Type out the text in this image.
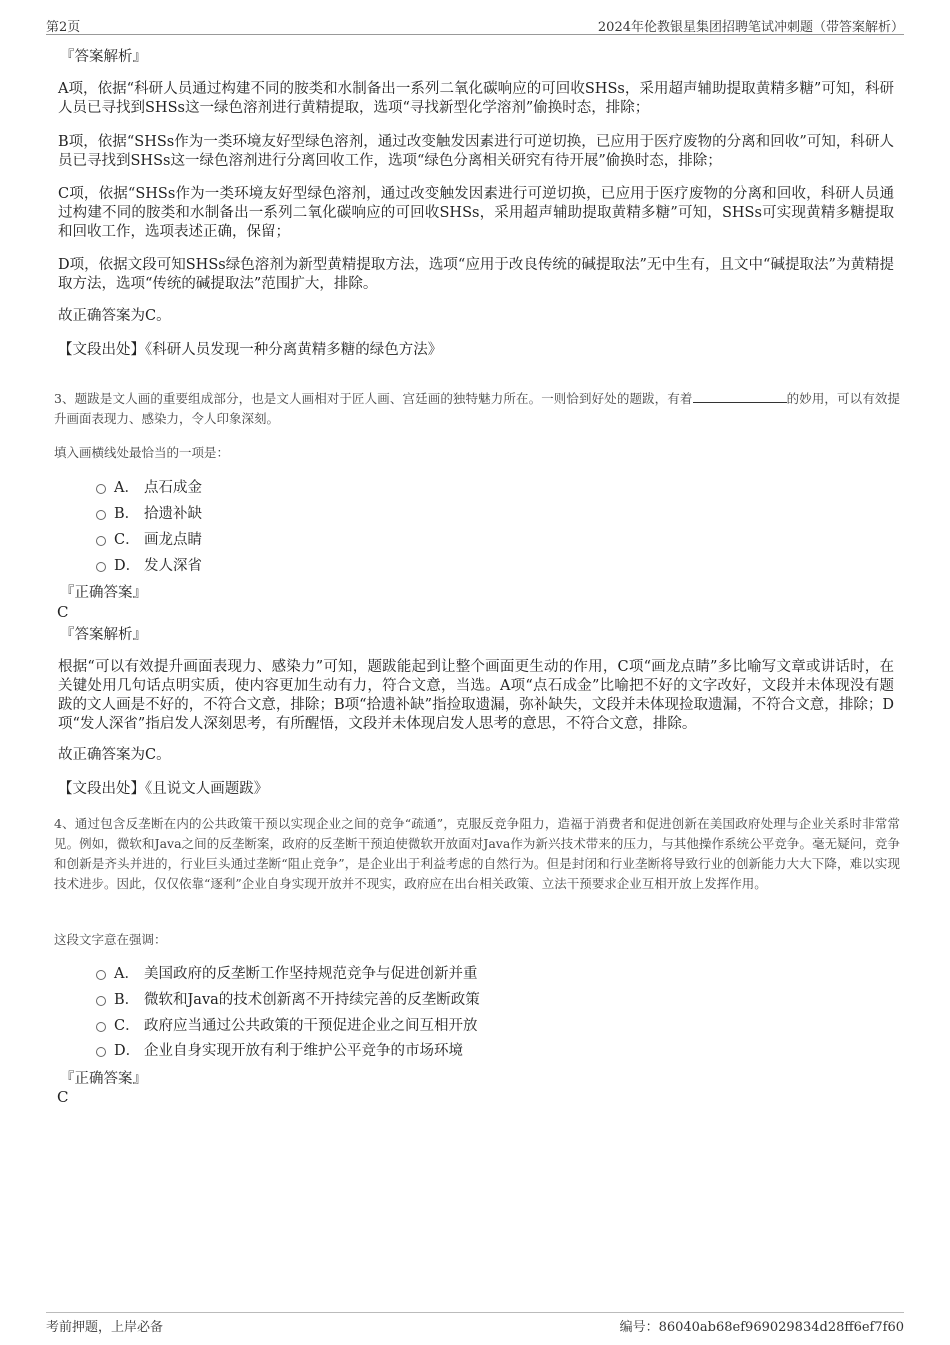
第2页	2024年伦教银星集团招聘笔试冲刺题（带答案解析）
『答案解析』
A项，依据“科研人员通过构建不同的胺类和水制备出一系列二氧化碳响应的可回收SHSs，采用超声辅助提取黄精多糖”可知，科研人员已寻找到SHSs这一绿色溶剂进行黄精提取，选项“寻找新型化学溶剂”偷换时态，排除；
B项，依据“SHSs作为一类环境友好型绿色溶剂，通过改变触发因素进行可逆切换，已应用于医疗废物的分离和回收”可知，科研人员已寻找到SHSs这一绿色溶剂进行分离回收工作，选项“绿色分离相关研究有待开展”偷换时态，排除；
C项，依据“SHSs作为一类环境友好型绿色溶剂，通过改变触发因素进行可逆切换，已应用于医疗废物的分离和回收，科研人员通过构建不同的胺类和水制备出一系列二氧化碳响应的可回收SHSs，采用超声辅助提取黄精多糖”可知，SHSs可实现黄精多糖提取和回收工作，选项表述正确，保留；
D项，依据文段可知SHSs绿色溶剂为新型黄精提取方法，选项“应用于改良传统的碱提取法”无中生有，且文中“碱提取法”为黄精提取方法，选项“传统的碱提取法”范围扩大，排除。
故正确答案为C。
【文段出处】《科研人员发现一种分离黄精多糖的绿色方法》
3、题跋是文人画的重要组成部分，也是文人画相对于匠人画、宫廷画的独特魅力所在。一则恰到好处的题跋，有着	的妙用，可以有效提升画面表现力、感染力，令人印象深刻。
填入画横线处最恰当的一项是：
A． 点石成金
B． 拾遗补缺
C． 画龙点睛
D． 发人深省
『正确答案』
C
『答案解析』
根据“可以有效提升画面表现力、感染力”可知，题跋能起到让整个画面更生动的作用，C项“画龙点睛”多比喻写文章或讲话时，在关键处用几句话点明实质，使内容更加生动有力，符合文意，当选。A项“点石成金”比喻把不好的文字改好，文段并未体现没有题跋的文人画是不好的，不符合文意，排除；B项“拾遗补缺”指捡取遗漏，弥补缺失，文段并未体现捡取遗漏，不符合文意，排除；D项“发人深省”指启发人深刻思考，有所醒悟，文段并未体现启发人思考的意思，不符合文意，排除。
故正确答案为C。
【文段出处】《且说文人画题跋》
4、通过包含反垄断在内的公共政策干预以实现企业之间的竞争“疏通”，克服反竞争阻力，造福于消费者和促进创新在美国政府处理与企业关系时非常常见。例如，微软和Java之间的反垄断案，政府的反垄断干预迫使微软开放面对Java作为新兴技术带来的压力，与其他操作系统公平竞争。毫无疑问，竞争和创新是齐头并进的，行业巨头通过垄断“阻止竞争”，是企业出于利益考虑的自然行为。但是封闭和行业垄断将导致行业的创新能力大大下降，难以实现技术进步。因此，仅仅依靠“逐利”企业自身实现开放并不现实，政府应在出台相关政策、立法干预要求企业互相开放上发挥作用。
这段文字意在强调：
A． 美国政府的反垄断工作坚持规范竞争与促进创新并重
B． 微软和Java的技术创新离不开持续完善的反垄断政策
C． 政府应当通过公共政策的干预促进企业之间互相开放
D． 企业自身实现开放有利于维护公平竞争的市场环境
『正确答案』
C
考前押题，上岸必备	编号：86040ab68ef969029834d28ff6ef7f60
